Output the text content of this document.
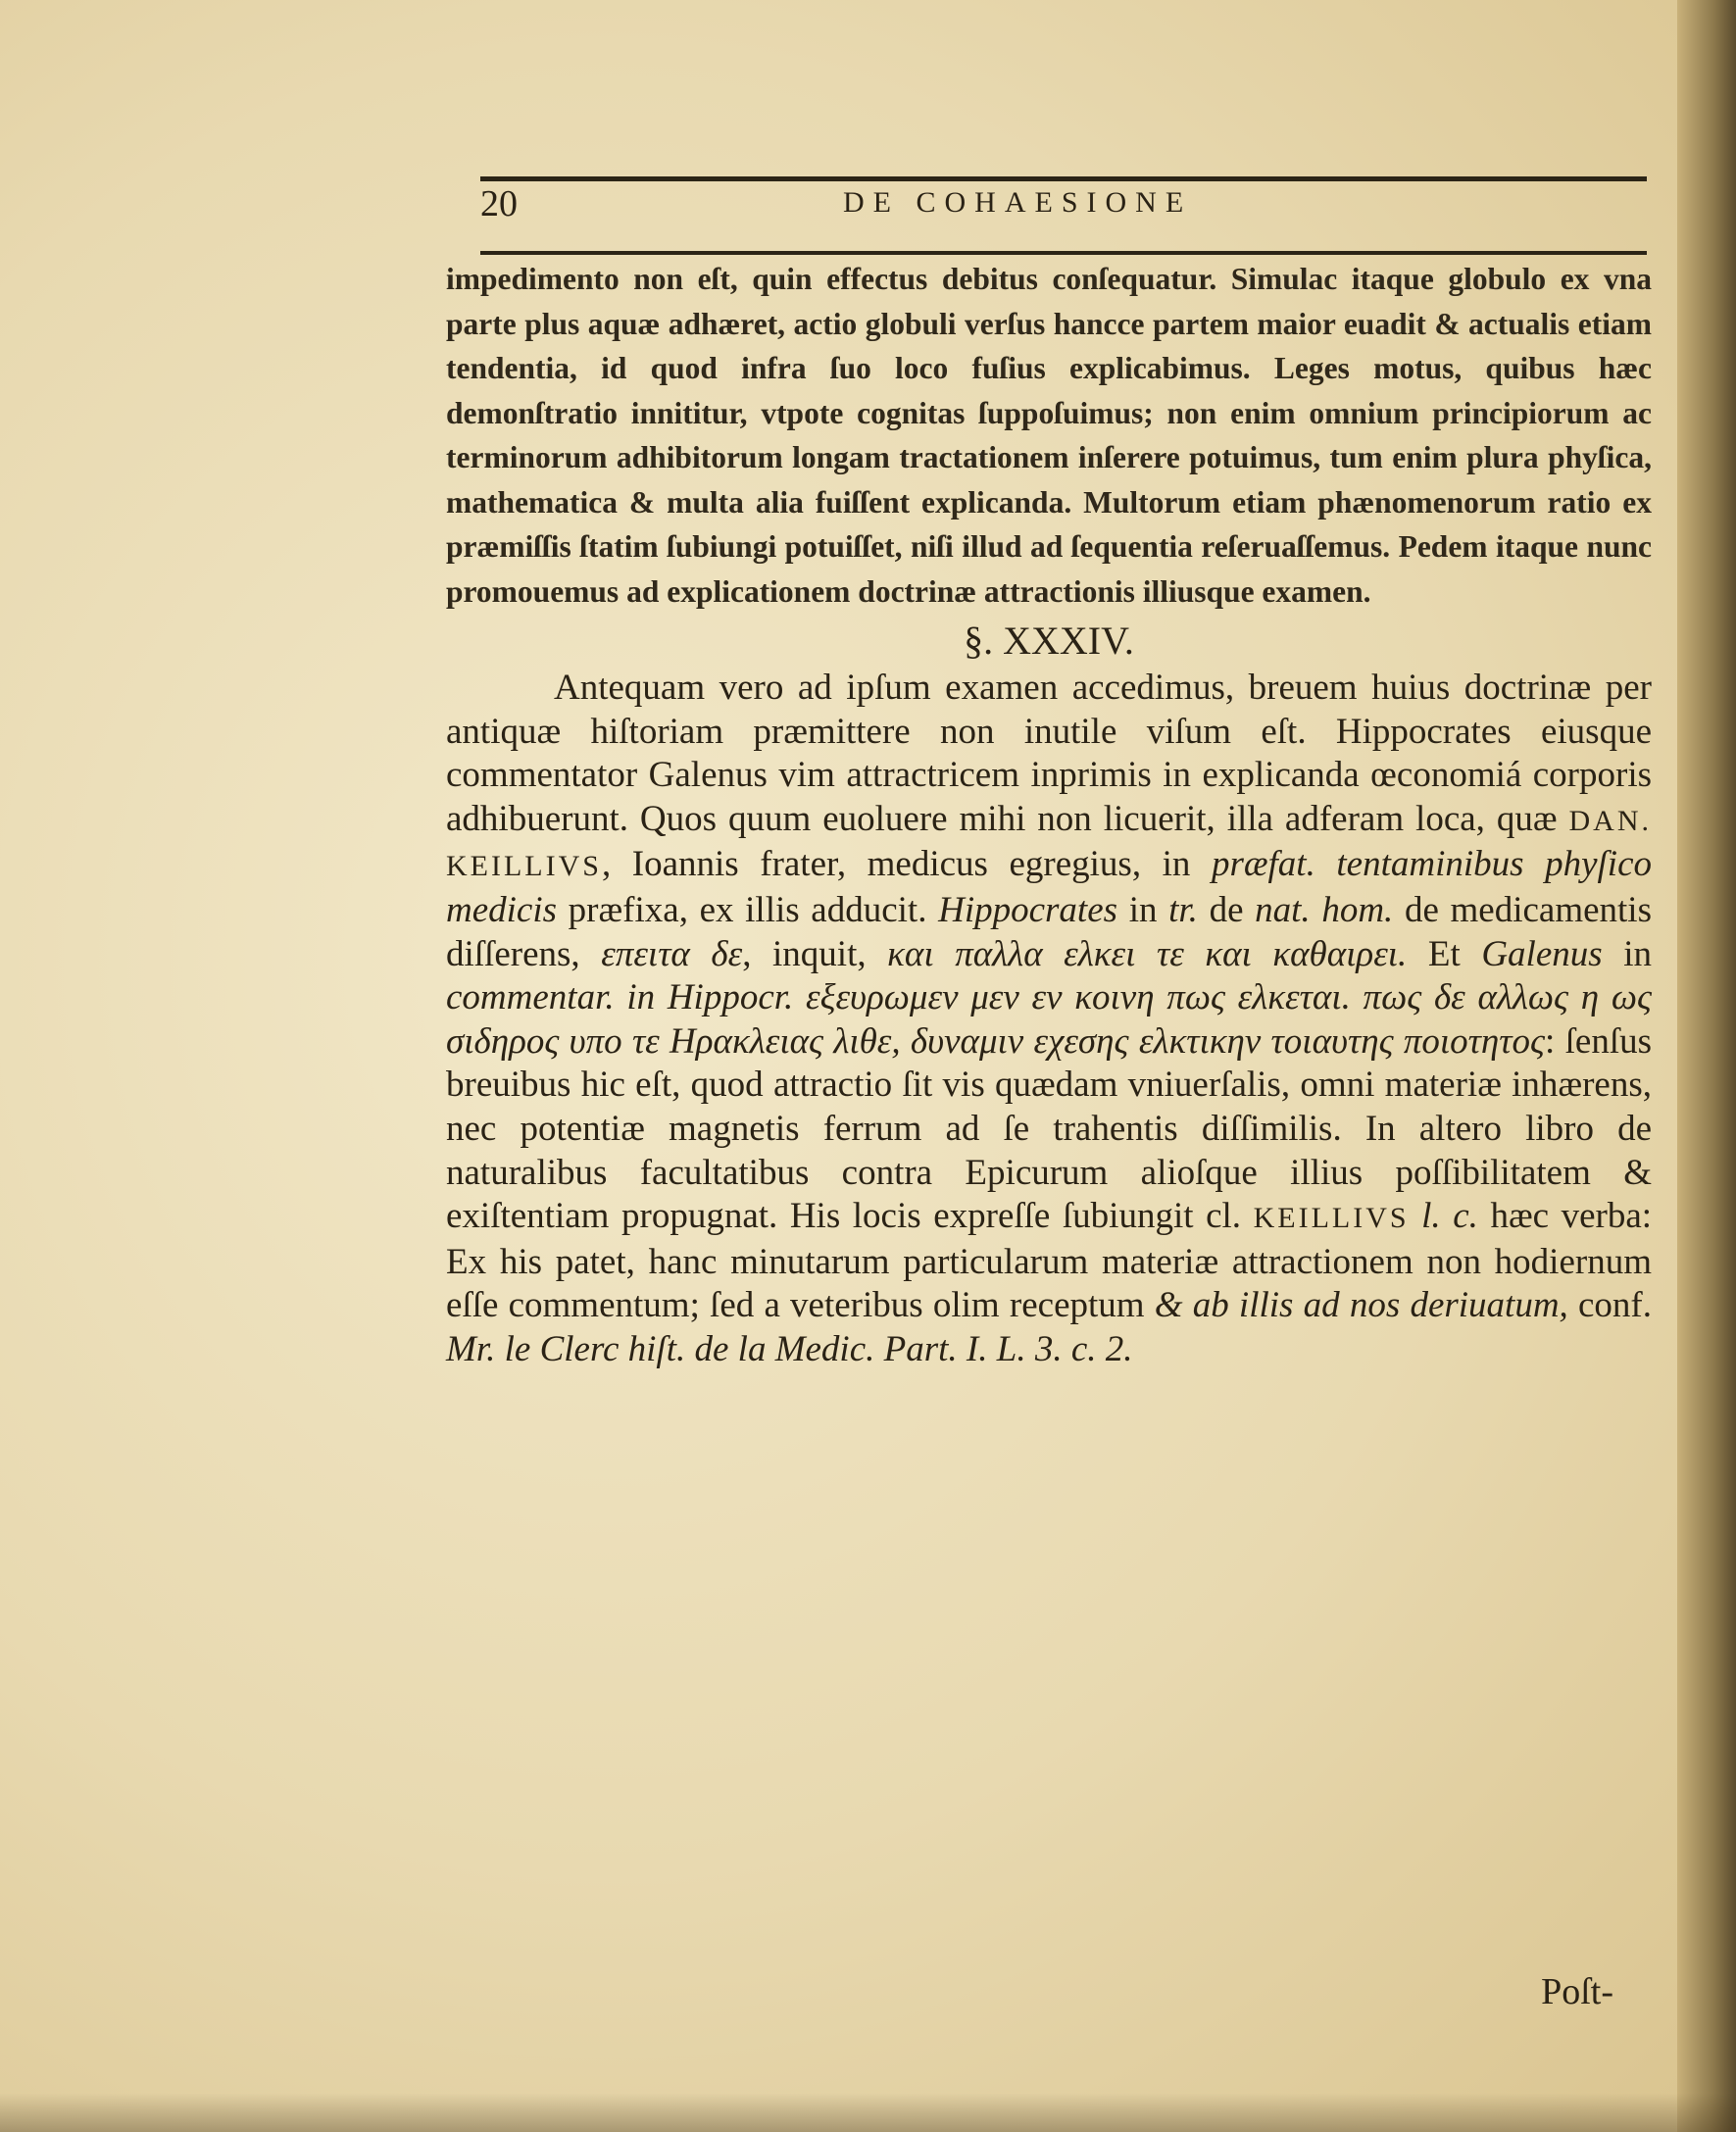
20	DE COHAESIONE

impedimento non eſt, quin effectus debitus conſequatur. Simulac itaque globulo ex vna parte plus aquæ adhæret, actio globuli verſus hancce partem maior euadit & actualis etiam tendentia, id quod infra ſuo loco fuſius explicabimus. Leges motus, quibus hæc demonſtratio innititur, vtpote cognitas ſuppoſuimus; non enim omnium principiorum ac terminorum adhibitorum longam tractationem inſerere potuimus, tum enim plura phyſica, mathematica & multa alia fuiſſent explicanda. Multorum etiam phænomenorum ratio ex præmiſſis ſtatim ſubiungi potuiſſet, niſi illud ad ſequentia reſeruaſſemus. Pedem itaque nunc promouemus ad explicationem doctrinæ attractionis illiusque examen.

§. XXXIV.

Antequam vero ad ipſum examen accedimus, breuem huius doctrinæ per antiquæ hiſtoriam præmittere non inutile viſum eſt. Hippocrates eiusque commentator Galenus vim attractricem inprimis in explicanda œconomiá corporis adhibuerunt. Quos quum euoluere mihi non licuerit, illa adferam loca, quæ DAN. KEILLIVS, Ioannis frater, medicus egregius, in præfat. tentaminibus phyſico medicis præfixa, ex illis adducit. Hippocrates in tr. de nat. hom. de medicamentis diſſerens, επειτα δε, inquit, και παλλα ελκει τε και καθαιρει. Et Galenus in commentar. in Hippocr. εξευρωμεν μεν εν κοινη πως ελκεται. πως δε αλλως η ως σιδηρος υπο τε Ηρακλειας λιθε, δυναμιν εχεσης ελκτικην τοιαυτης ποιοτητος: ſenſus breuibus hic eſt, quod attractio ſit vis quædam vniuerſalis, omni materiæ inhærens, nec potentiæ magnetis ferrum ad ſe trahentis diſſimilis. In altero libro de naturalibus facultatibus contra Epicurum alioſque illius poſſibilitatem & exiſtentiam propugnat. His locis expreſſe ſubiungit cl. KEILLIVS l. c. hæc verba: Ex his patet, hanc minutarum particularum materiæ attractionem non hodiernum eſſe commentum; ſed a veteribus olim receptum & ab illis ad nos deriuatum, conf. Mr. le Clerc hiſt. de la Medic. Part. I. L. 3. c. 2.

Poſt-
